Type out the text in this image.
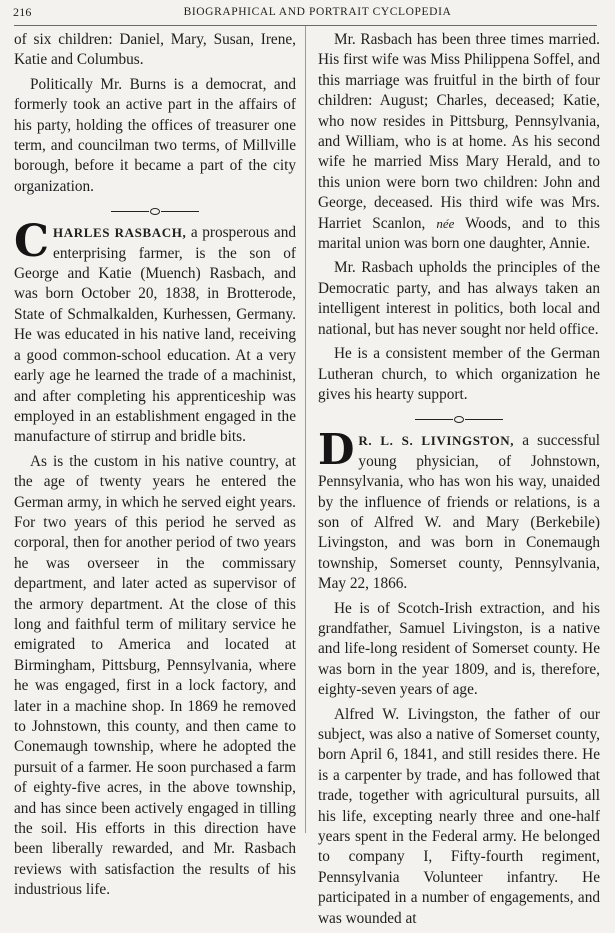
216	BIOGRAPHICAL AND PORTRAIT CYCLOPEDIA

of six children: Daniel, Mary, Susan, Irene, Katie and Columbus.

Politically Mr. Burns is a democrat, and formerly took an active part in the affairs of his party, holding the offices of treasurer one term, and councilman two terms, of Millville borough, before it became a part of the city organization.

CHARLES RASBACH, a prosperous and enterprising farmer, is the son of George and Katie (Muench) Rasbach, and was born October 20, 1838, in Brotterode, State of Schmalkalden, Kurhessen, Germany. He was educated in his native land, receiving a good common-school education. At a very early age he learned the trade of a machinist, and after completing his apprenticeship was employed in an establishment engaged in the manufacture of stirrup and bridle bits.

As is the custom in his native country, at the age of twenty years he entered the German army, in which he served eight years. For two years of this period he served as corporal, then for another period of two years he was overseer in the commissary department, and later acted as supervisor of the armory department. At the close of this long and faithful term of military service he emigrated to America and located at Birmingham, Pittsburg, Pennsylvania, where he was engaged, first in a lock factory, and later in a machine shop. In 1869 he removed to Johnstown, this county, and then came to Conemaugh township, where he adopted the pursuit of a farmer. He soon purchased a farm of eighty-five acres, in the above township, and has since been actively engaged in tilling the soil. His efforts in this direction have been liberally rewarded, and Mr. Rasbach reviews with satisfaction the results of his industrious life.

Mr. Rasbach has been three times married. His first wife was Miss Philippena Soffel, and this marriage was fruitful in the birth of four children: August; Charles, deceased; Katie, who now resides in Pittsburg, Pennsylvania, and William, who is at home. As his second wife he married Miss Mary Herald, and to this union were born two children: John and George, deceased. His third wife was Mrs. Harriet Scanlon, née Woods, and to this marital union was born one daughter, Annie.

Mr. Rasbach upholds the principles of the Democratic party, and has always taken an intelligent interest in politics, both local and national, but has never sought nor held office.

He is a consistent member of the German Lutheran church, to which organization he gives his hearty support.

D R. L. S. LIVINGSTON, a successful young physician, of Johnstown, Pennsylvania, who has won his way, unaided by the influence of friends or relations, is a son of Alfred W. and Mary (Berkebile) Livingston, and was born in Conemaugh township, Somerset county, Pennsylvania, May 22, 1866.

He is of Scotch-Irish extraction, and his grandfather, Samuel Livingston, is a native and life-long resident of Somerset county. He was born in the year 1809, and is, therefore, eighty-seven years of age.

Alfred W. Livingston, the father of our subject, was also a native of Somerset county, born April 6, 1841, and still resides there. He is a carpenter by trade, and has followed that trade, together with agricultural pursuits, all his life, excepting nearly three and one-half years spent in the Federal army. He belonged to company I, Fifty-fourth regiment, Pennsylvania Volunteer infantry. He participated in a number of engagements, and was wounded at
